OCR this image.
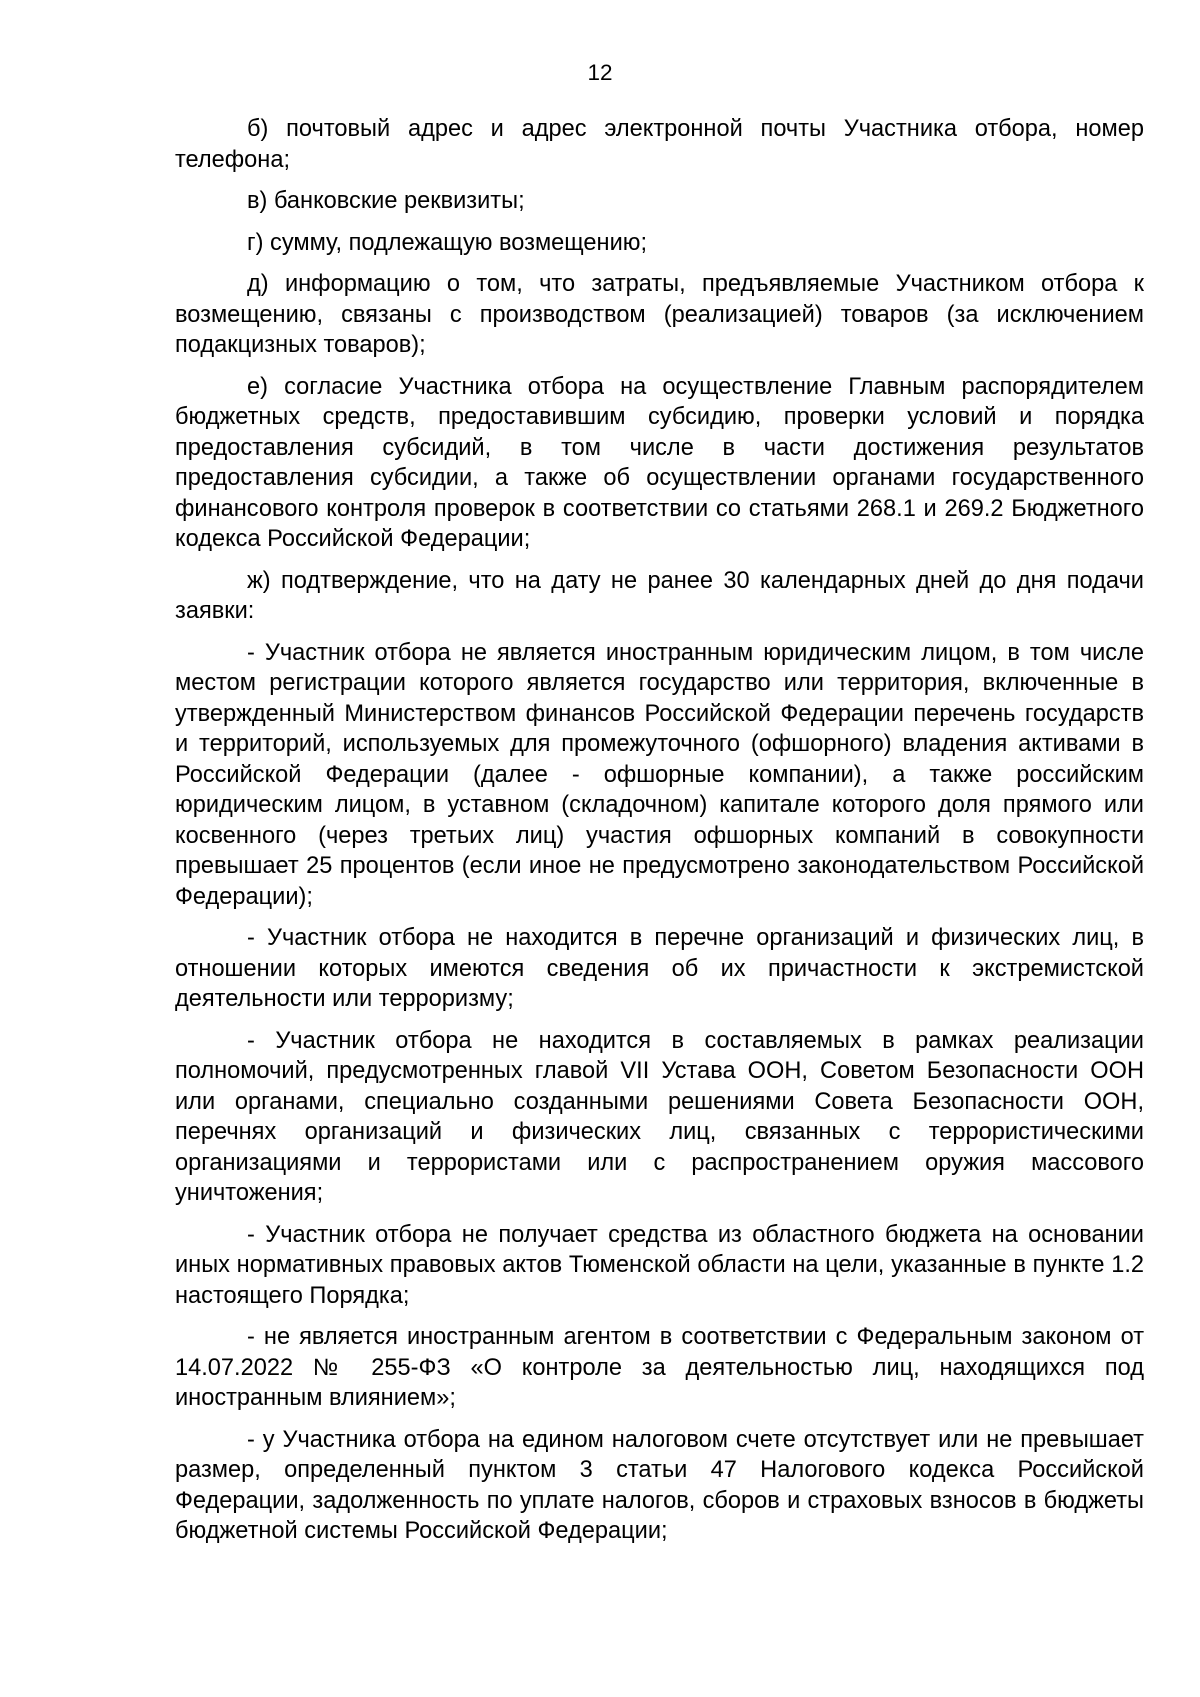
12

б) почтовый адрес и адрес электронной почты Участника отбора, номер телефона;

в) банковские реквизиты;

г) сумму, подлежащую возмещению;

д) информацию о том, что затраты, предъявляемые Участником отбора к возмещению, связаны с производством (реализацией) товаров (за исключением подакцизных товаров);

е) согласие Участника отбора на осуществление Главным распорядителем бюджетных средств, предоставившим субсидию, проверки условий и порядка предоставления субсидий, в том числе в части достижения результатов предоставления субсидии, а также об осуществлении органами государственного финансового контроля проверок в соответствии со статьями 268.1 и 269.2 Бюджетного кодекса Российской Федерации;

ж) подтверждение, что на дату не ранее 30 календарных дней до дня подачи заявки:

- Участник отбора не является иностранным юридическим лицом, в том числе местом регистрации которого является государство или территория, включенные в утвержденный Министерством финансов Российской Федерации перечень государств и территорий, используемых для промежуточного (офшорного) владения активами в Российской Федерации (далее - офшорные компании), а также российским юридическим лицом, в уставном (складочном) капитале которого доля прямого или косвенного (через третьих лиц) участия офшорных компаний в совокупности превышает 25 процентов (если иное не предусмотрено законодательством Российской Федерации);

- Участник отбора не находится в перечне организаций и физических лиц, в отношении которых имеются сведения об их причастности к экстремистской деятельности или терроризму;

- Участник отбора не находится в составляемых в рамках реализации полномочий, предусмотренных главой VII Устава ООН, Советом Безопасности ООН или органами, специально созданными решениями Совета Безопасности ООН, перечнях организаций и физических лиц, связанных с террористическими организациями и террористами или с распространением оружия массового уничтожения;

- Участник отбора не получает средства из областного бюджета на основании иных нормативных правовых актов Тюменской области на цели, указанные в пункте 1.2 настоящего Порядка;

- не является иностранным агентом в соответствии с Федеральным законом от 14.07.2022 № 255-ФЗ «О контроле за деятельностью лиц, находящихся под иностранным влиянием»;

- у Участника отбора на едином налоговом счете отсутствует или не превышает размер, определенный пунктом 3 статьи 47 Налогового кодекса Российской Федерации, задолженность по уплате налогов, сборов и страховых взносов в бюджеты бюджетной системы Российской Федерации;
